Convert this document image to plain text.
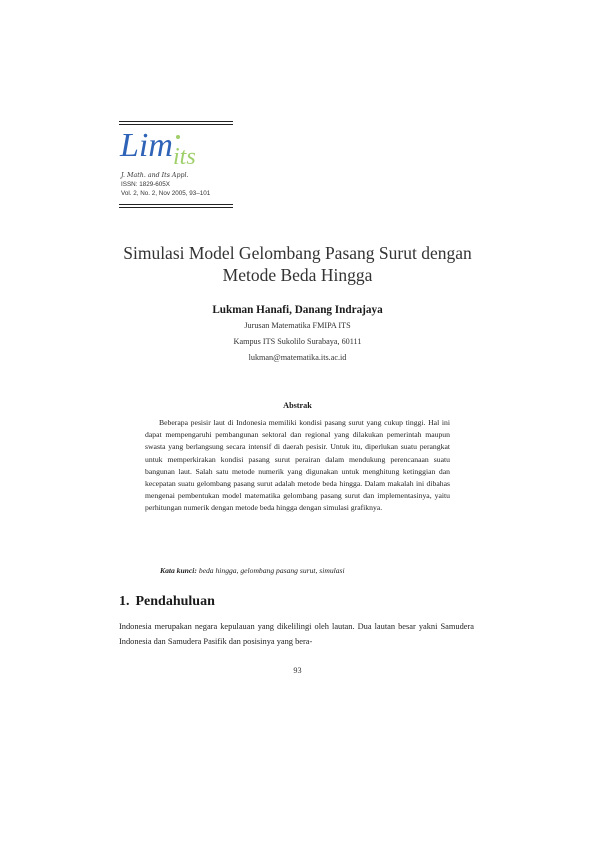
Lim its
J. Math. and Its Appl.
ISSN: 1829-605X
Vol. 2, No. 2, Nov 2005, 93–101
Simulasi Model Gelombang Pasang Surut dengan
Metode Beda Hingga
Lukman Hanafi, Danang Indrajaya
Jurusan Matematika FMIPA ITS
Kampus ITS Sukolilo Surabaya, 60111
lukman@matematika.its.ac.id
Abstrak

Beberapa pesisir laut di Indonesia memiliki kondisi pasang surut yang cukup tinggi. Hal ini dapat mempengaruhi pembangunan sektoral dan regional yang dilakukan pemerintah maupun swasta yang berlangsung secara intensif di daerah pesisir. Untuk itu, diperlukan suatu perangkat untuk memperkirakan kondisi pasang surut perairan dalam mendukung perencanaan suatu bangunan laut. Salah satu metode numerik yang digunakan untuk menghitung ketinggian dan kecepatan suatu gelombang pasang surut adalah metode beda hingga. Dalam makalah ini dibahas mengenai pembentukan model matematika gelombang pasang surut dan implementasinya, yaitu perhitungan numerik dengan metode beda hingga dengan simulasi grafiknya.

Kata kunci: beda hingga, gelombang pasang surut, simulasi
1. Pendahuluan

Indonesia merupakan negara kepulauan yang dikelilingi oleh lautan. Dua lautan besar yakni Samudera Indonesia dan Samudera Pasifik dan posisinya yang bera-

93
